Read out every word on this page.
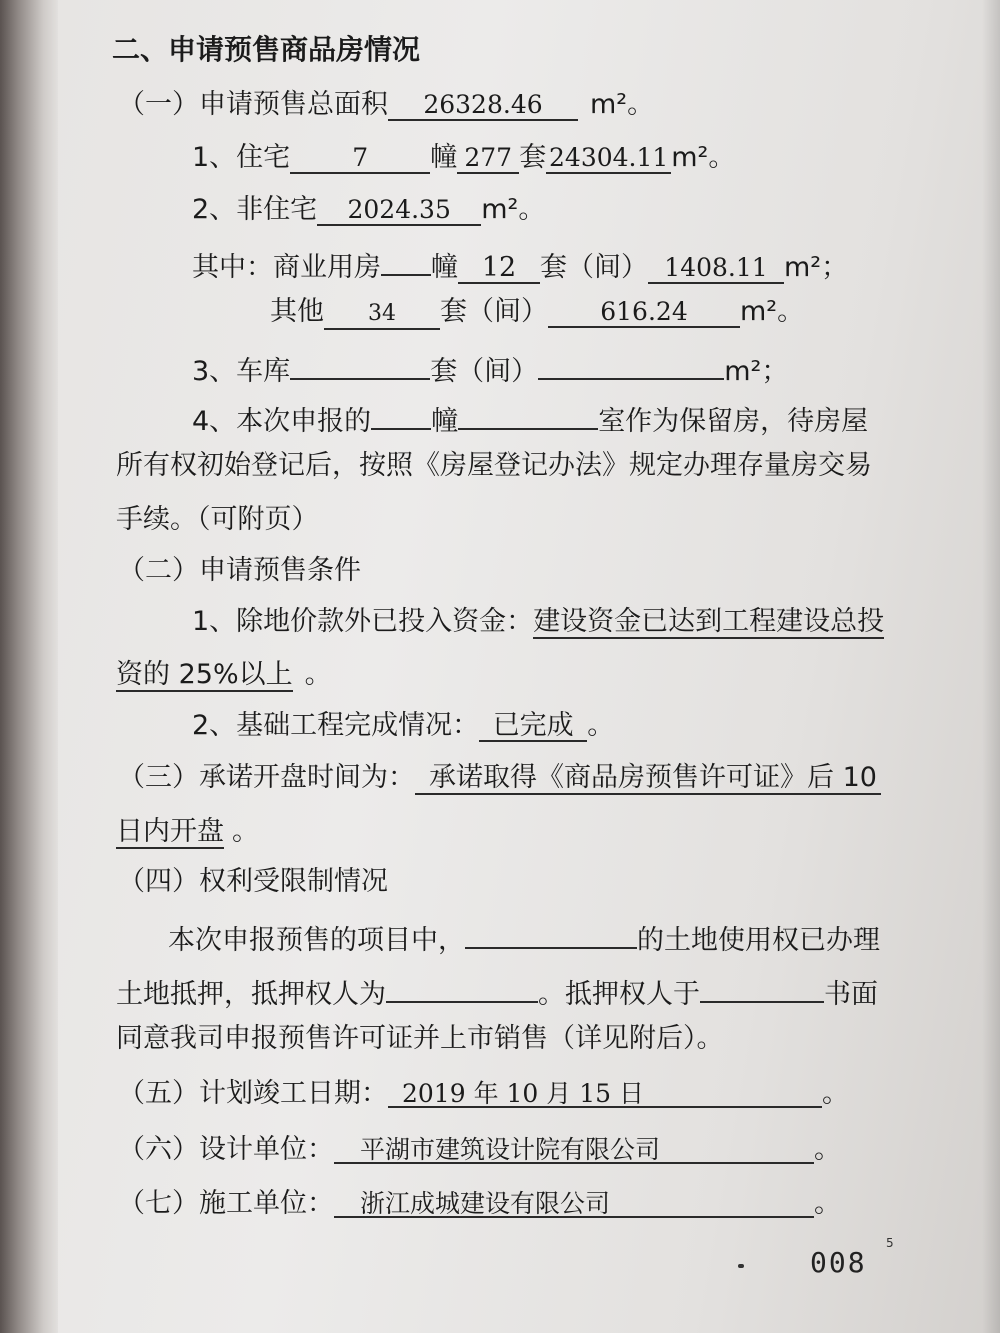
二、申请预售商品房情况
（一）申请预售总面积 26328.46 m²。
1、住宅 7 幢 277 套 24304.11 m²。
2、非住宅 2024.35 m²。
其中：商业用房 幢 12 套（间） 1408.11 m²；
其他 34 套（间） 616.24 m²。
3、车库	套（间）	m²；
4、本次申报的 幢	室作为保留房，待房屋
所有权初始登记后，按照《房屋登记办法》规定办理存量房交易
手续。（可附页）
（二）申请预售条件
1、除地价款外已投入资金：建设资金已达到工程建设总投
资的 25%以上 。
2、基础工程完成情况： 已完成 。
（三）承诺开盘时间为： 承诺取得《商品房预售许可证》后 10
日内开盘 。
（四）权利受限制情况
本次申报预售的项目中，	的土地使用权已办理
土地抵押，抵押权人为	。抵押权人于	书面
同意我司申报预售许可证并上市销售（详见附后）。
（五）计划竣工日期： 2019 年 10 月 15 日	。
（六）设计单位： 平湖市建筑设计院有限公司	。
（七）施工单位： 浙江成城建设有限公司	。
008
5
